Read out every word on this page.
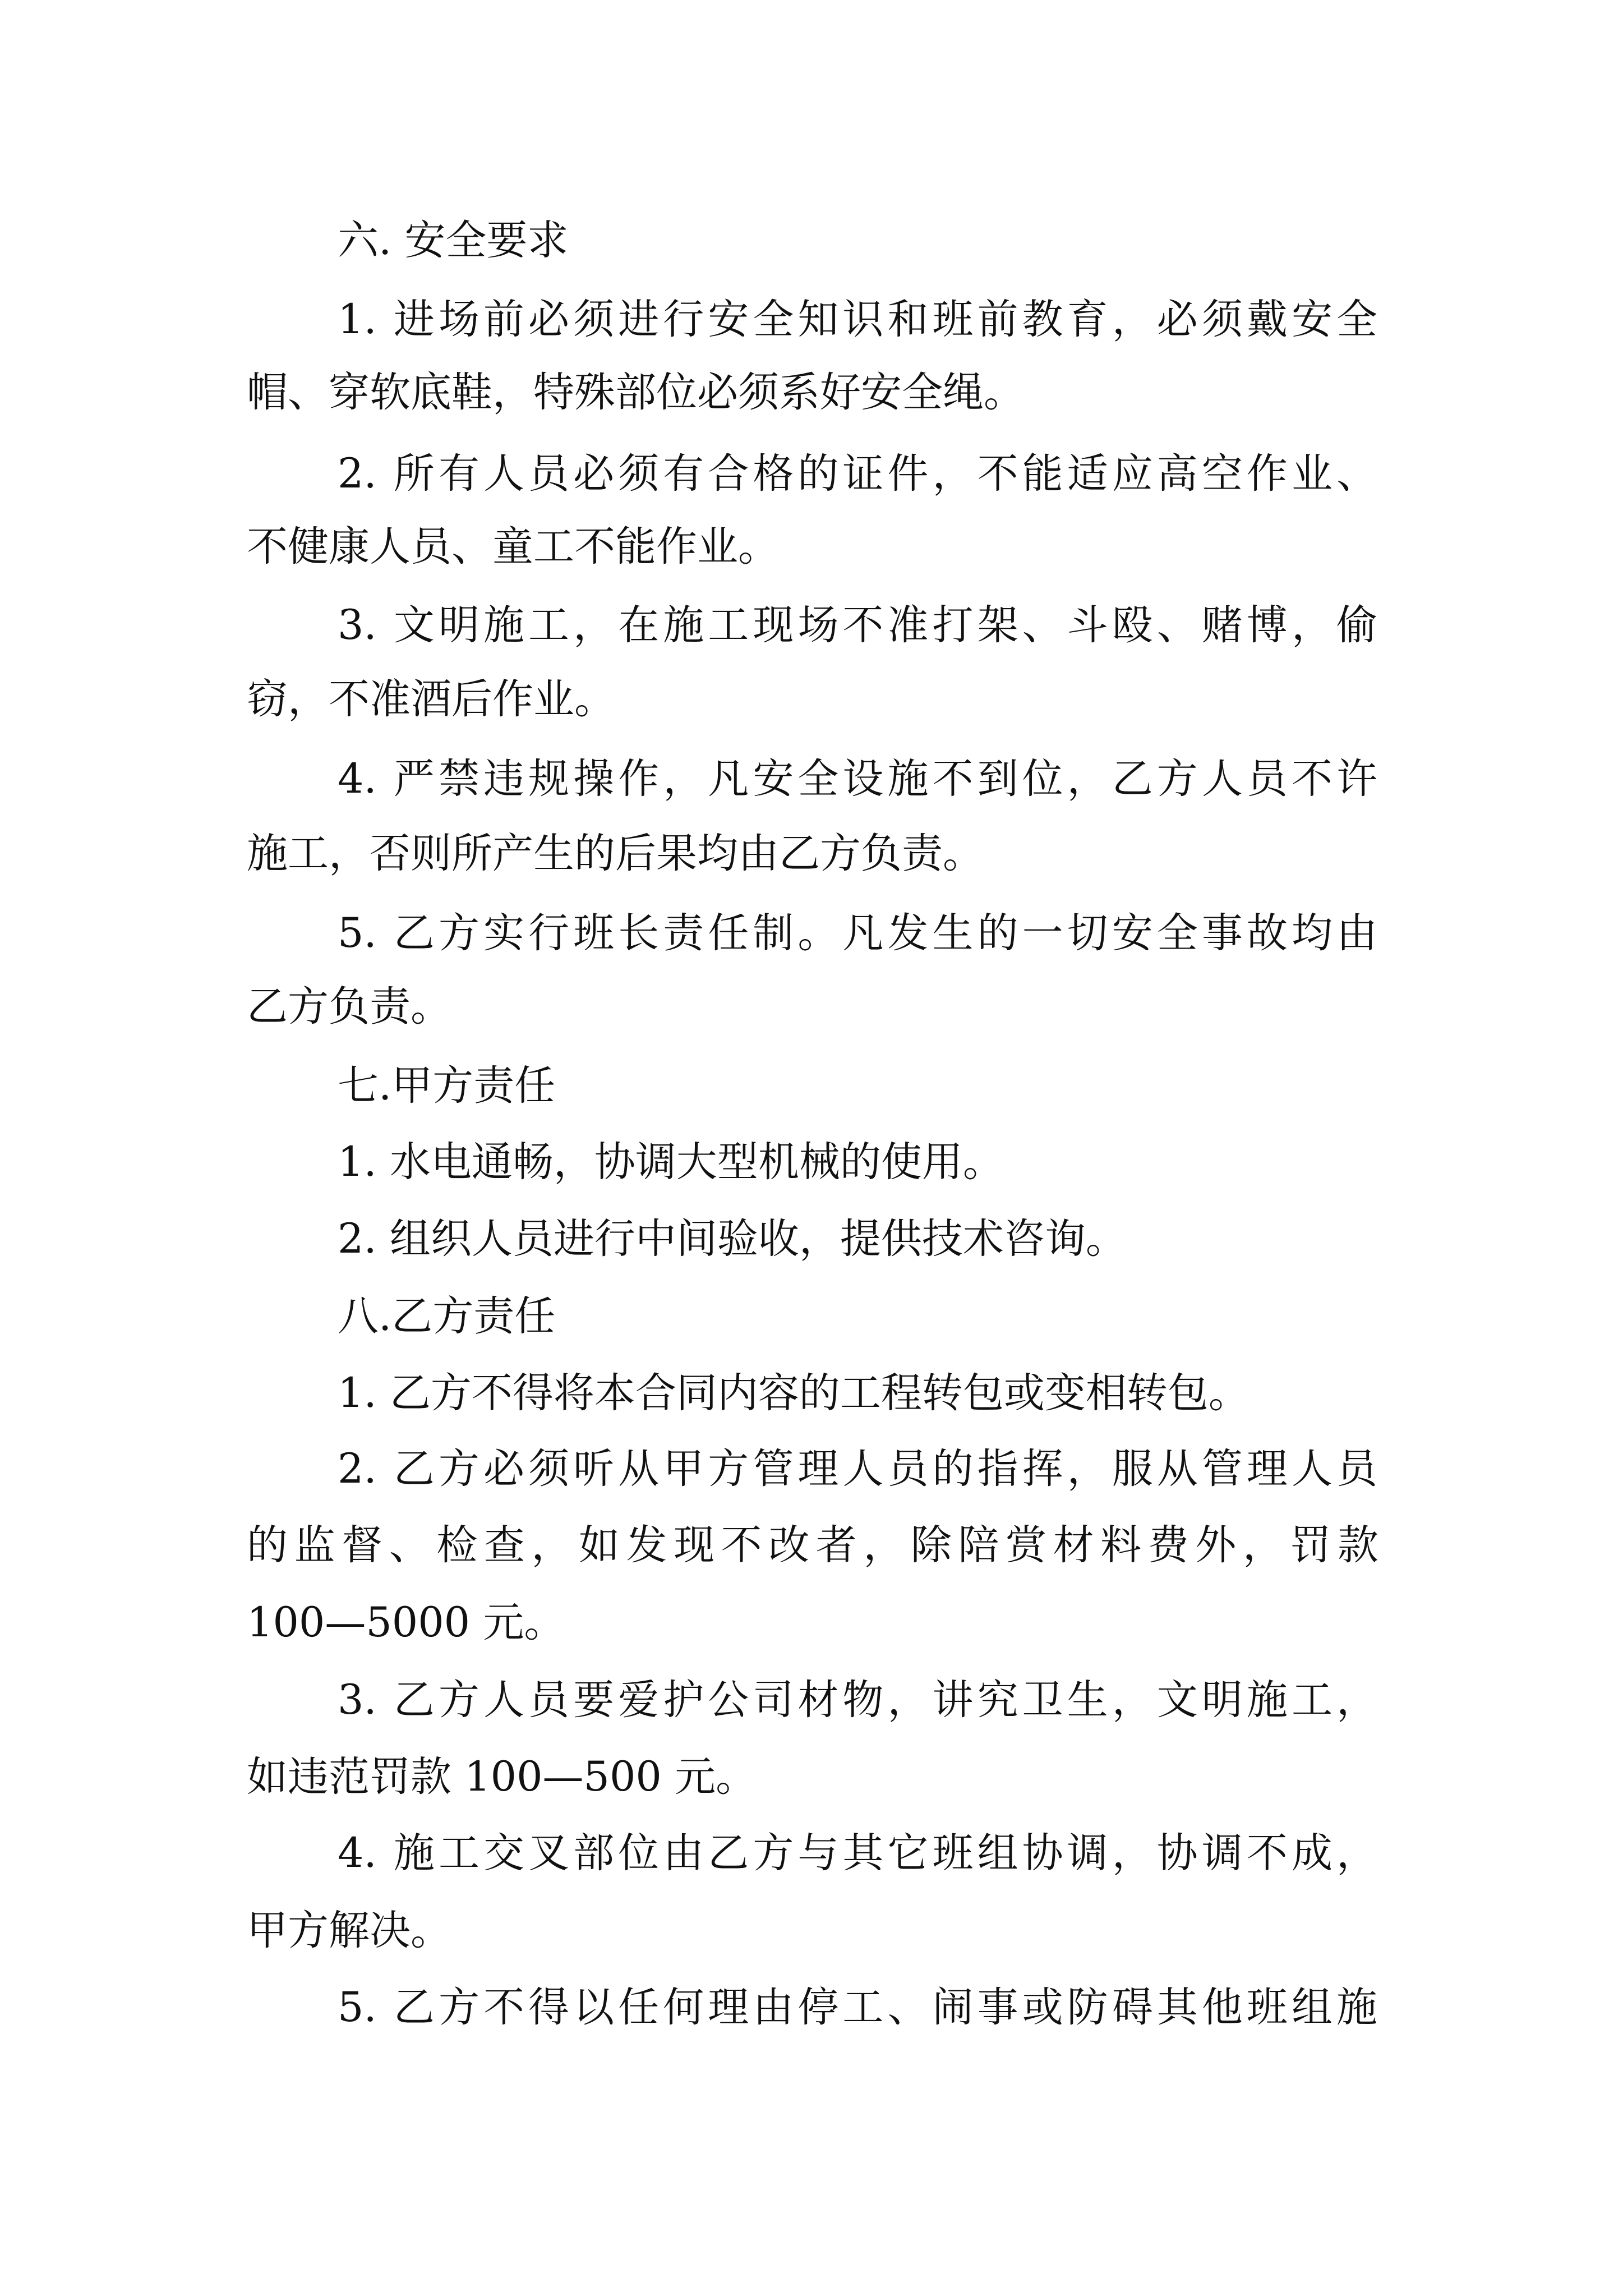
六. 安全要求

1. 进场前必须进行安全知识和班前教育，必须戴安全

帽、穿软底鞋，特殊部位必须系好安全绳。

2. 所有人员必须有合格的证件，不能适应高空作业、

不健康人员、童工不能作业。

3. 文明施工，在施工现场不准打架、斗殴、赌博，偷

窃，不准酒后作业。

4. 严禁违规操作，凡安全设施不到位，乙方人员不许

施工，否则所产生的后果均由乙方负责。

5. 乙方实行班长责任制。凡发生的一切安全事故均由

乙方负责。

七.甲方责任

1. 水电通畅，协调大型机械的使用。

2. 组织人员进行中间验收，提供技术咨询。

八.乙方责任

1. 乙方不得将本合同内容的工程转包或变相转包。

2. 乙方必须听从甲方管理人员的指挥，服从管理人员

的监督、检查，如发现不改者，除陪赏材料费外，罚款

100—5000 元。

3. 乙方人员要爱护公司材物，讲究卫生，文明施工，

如违范罚款 100—500 元。

4. 施工交叉部位由乙方与其它班组协调，协调不成，

甲方解决。

5. 乙方不得以任何理由停工、闹事或防碍其他班组施
